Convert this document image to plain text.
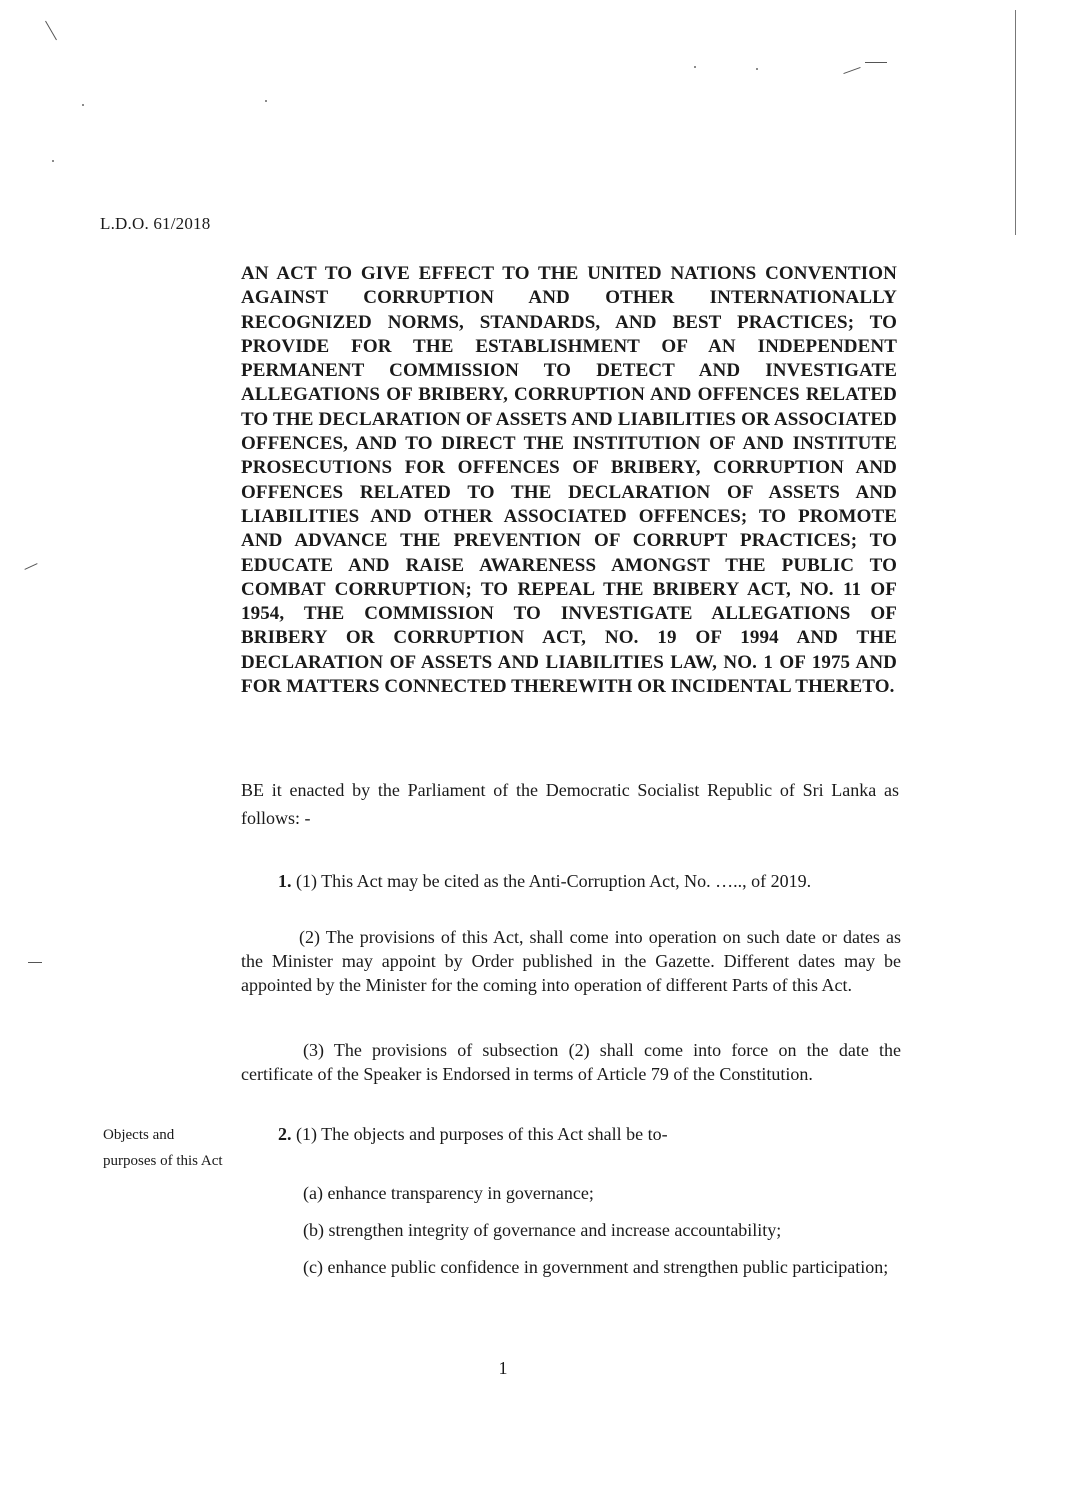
L.D.O. 61/2018

AN ACT TO GIVE EFFECT TO THE UNITED NATIONS CONVENTION AGAINST CORRUPTION AND OTHER INTERNATIONALLY RECOGNIZED NORMS, STANDARDS, AND BEST PRACTICES; TO PROVIDE FOR THE ESTABLISHMENT OF AN INDEPENDENT PERMANENT COMMISSION TO DETECT AND INVESTIGATE ALLEGATIONS OF BRIBERY, CORRUPTION AND OFFENCES RELATED TO THE DECLARATION OF ASSETS AND LIABILITIES OR ASSOCIATED OFFENCES, AND TO DIRECT THE INSTITUTION OF AND INSTITUTE PROSECUTIONS FOR OFFENCES OF BRIBERY, CORRUPTION AND OFFENCES RELATED TO THE DECLARATION OF ASSETS AND LIABILITIES AND OTHER ASSOCIATED OFFENCES; TO PROMOTE AND ADVANCE THE PREVENTION OF CORRUPT PRACTICES; TO EDUCATE AND RAISE AWARENESS AMONGST THE PUBLIC TO COMBAT CORRUPTION; TO REPEAL THE BRIBERY ACT, NO. 11 OF 1954, THE COMMISSION TO INVESTIGATE ALLEGATIONS OF BRIBERY OR CORRUPTION ACT, NO. 19 OF 1994 AND THE DECLARATION OF ASSETS AND LIABILITIES LAW, NO. 1 OF 1975 AND FOR MATTERS CONNECTED THEREWITH OR INCIDENTAL THERETO.

BE it enacted by the Parliament of the Democratic Socialist Republic of Sri Lanka as follows: -

1. (1) This Act may be cited as the Anti-Corruption Act, No. ….., of 2019.

(2) The provisions of this Act, shall come into operation on such date or dates as the Minister may appoint by Order published in the Gazette. Different dates may be appointed by the Minister for the coming into operation of different Parts of this Act.

(3) The provisions of subsection (2) shall come into force on the date the certificate of the Speaker is Endorsed in terms of Article 79 of the Constitution.

Objects and purposes of this Act

2. (1) The objects and purposes of this Act shall be to-

(a) enhance transparency in governance;

(b) strengthen integrity of governance and increase accountability;

(c) enhance public confidence in government and strengthen public participation;

1
